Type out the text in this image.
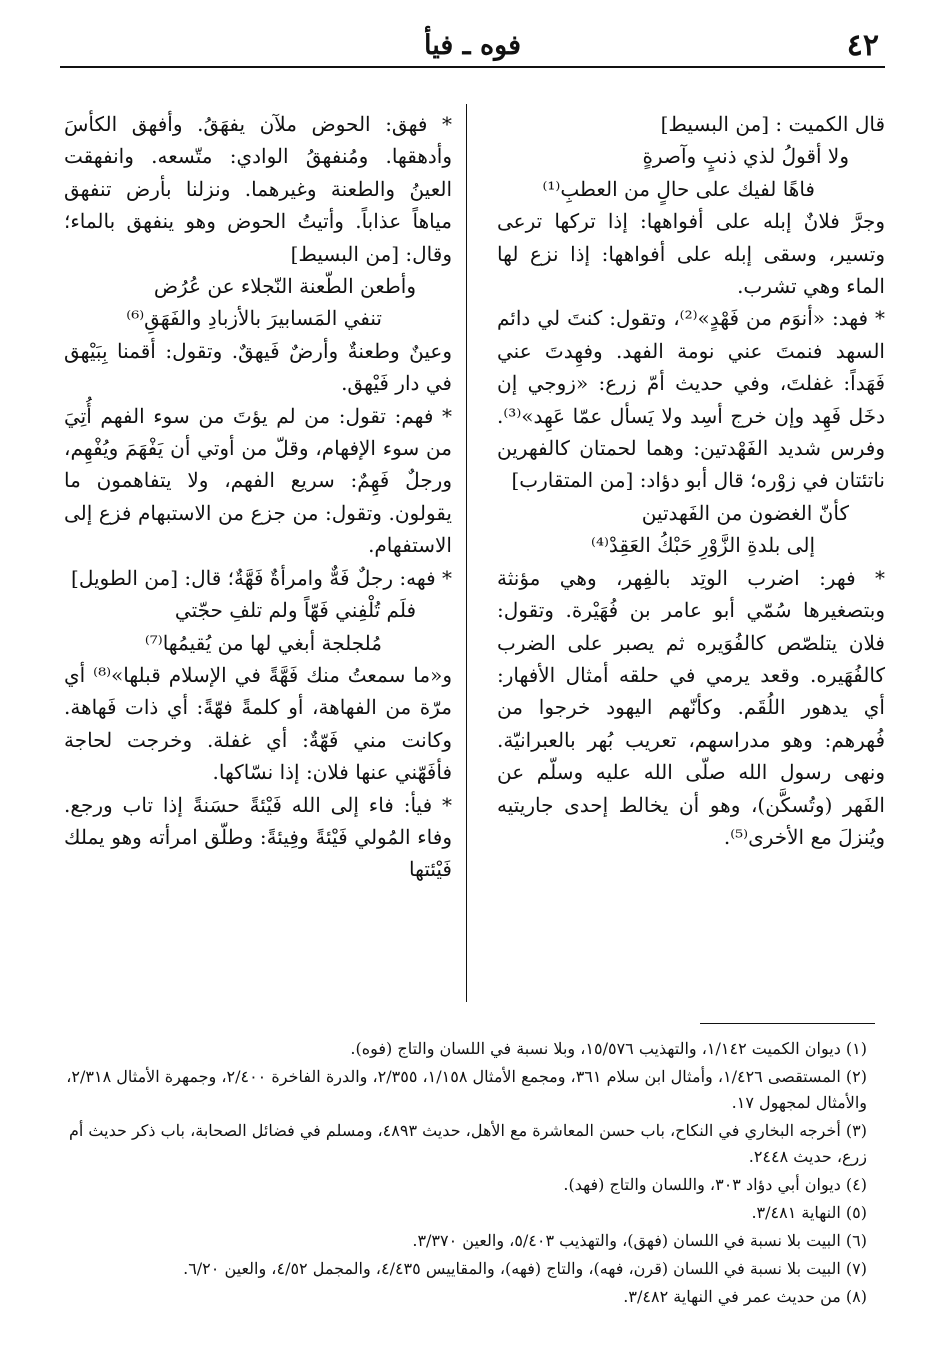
٤٢
فوه ـ فيأ

قال الكميت : [من البسيط]

ولا أقولُ لذي ذنبٍ وآصرةٍ

فاهًا لفيك على حالٍ من العطبِ⁽¹⁾

وجرَّ فلانٌ إبله على أفواهها: إذا تركها ترعى وتسير، وسقى إبله على أفواهها: إذا نزع لها الماء وهي تشرب.

* فهد: «أنوَم من فَهْدٍ»⁽²⁾، وتقول: كنتَ لي دائم السهد فنمتَ عني نومة الفهد. وفهِدتَ عني فَهَداً: غفلتَ، وفي حديث أمّ زرع: «زوجي إن دخَل فَهِد وإن خرج أسِد ولا يَسأل عمّا عَهِد»⁽³⁾. وفرس شديد الفَهْدتين: وهما لحمتان كالفهرين ناتئتان في زوْره؛ قال أبو دؤاد: [من المتقارب]

كأنّ الغضون من الفَهدتين

إلى بلدةِ الزَّوْرِ حَبْكُ العَقِدْ⁽⁴⁾

* فهر: اضرب الوتِد بالفِهر، وهي مؤنثة وبتصغيرها سُمّي أبو عامر بن فُهَيْرة. وتقول: فلان يتلصّص كالفُوَيره ثم يصبر على الضرب كالفُهَيره. وقعد يرمي في حلقه أمثال الأفهار: أي يدهور اللُقَم. وكأنّهم اليهود خرجوا من فُهرهم: وهو مدراسهم، تعريب بُهر بالعبرانيّة. ونهى رسول الله صلّى الله عليه وسلّم عن الفَهر (وتُسكَّن)، وهو أن يخالط إحدى جاريتيه ويُنزلَ مع الأخرى⁽⁵⁾.

* فهق: الحوض ملآن يفهَقُ. وأفهق الكأسَ وأدهقها. ومُنفهقُ الوادي: متّسعه. وانفهقت العينُ والطعنة وغيرهما. ونزلنا بأرض تنفهق مياهاً عذاباً. وأتيتُ الحوض وهو ينفهق بالماء؛ وقال: [من البسيط]

وأطعن الطّعنة النّجلاء عن عُرُض

تنفي المَسابيرَ بالأزبادِ والفَهَقِ⁽⁶⁾

وعينٌ وطعنةٌ وأرضٌ فَيهقٌ. وتقول: أقمنا بِبَيْهق في دار فَيْهق.

* فهم: تقول: من لم يؤتَ من سوء الفهم أُتِيَ من سوء الإفهام، وقلّ من أوتي أن يَفْهَمَ ويُفْهِم، ورجلٌ فَهِمٌ: سريع الفهم، ولا يتفاهمون ما يقولون. وتقول: من جزع من الاستبهام فزع إلى الاستفهام.

* فهه: رجلٌ فَهٌّ وامرأةٌ فَهَّةٌ؛ قال: [من الطويل]

فلَم تُلْفِني فَهّاً ولم تلفِ حجّتي

مُلجلجة أبغي لها من يُقيمُها⁽⁷⁾

و«ما سمعتُ منك فَهَّةً في الإسلام قبلها»⁽⁸⁾ أي مرّة من الفهاهة، أو كلمةً فهّةً: أي ذات فَهاهة. وكانت مني فَهّةٌ: أي غفلة. وخرجت لحاجة فأفَهّني عنها فلان: إذا نسّاكها.

* فيأ: فاء إلى الله فَيْئةً حسَنةً إذا تاب ورجع. وفاء المُولي فَيْئةً وفِيئةً: وطلّق امرأته وهو يملك فَيْئتها

(١) ديوان الكميت ١/١٤٢، والتهذيب ١٥/٥٧٦، وبلا نسبة في اللسان والتاج (فوه).

(٢) المستقصى ١/٤٢٦، وأمثال ابن سلام ٣٦١، ومجمع الأمثال ١/١٥٨، ٢/٣٥٥، والدرة الفاخرة ٢/٤٠٠، وجمهرة الأمثال ٢/٣١٨، والأمثال لمجهول ١٧.

(٣) أخرجه البخاري في النكاح، باب حسن المعاشرة مع الأهل، حديث ٤٨٩٣، ومسلم في فضائل الصحابة، باب ذكر حديث أم زرع، حديث ٢٤٤٨.

(٤) ديوان أبي دؤاد ٣٠٣، واللسان والتاج (فهد).

(٥) النهاية ٣/٤٨١.

(٦) البيت بلا نسبة في اللسان (فهق)، والتهذيب ٥/٤٠٣، والعين ٣/٣٧٠.

(٧) البيت بلا نسبة في اللسان (قرن، فهه)، والتاج (فهه)، والمقاييس ٤/٤٣٥، والمجمل ٤/٥٢، والعين ٦/٢٠.

(٨) من حديث عمر في النهاية ٣/٤٨٢.
